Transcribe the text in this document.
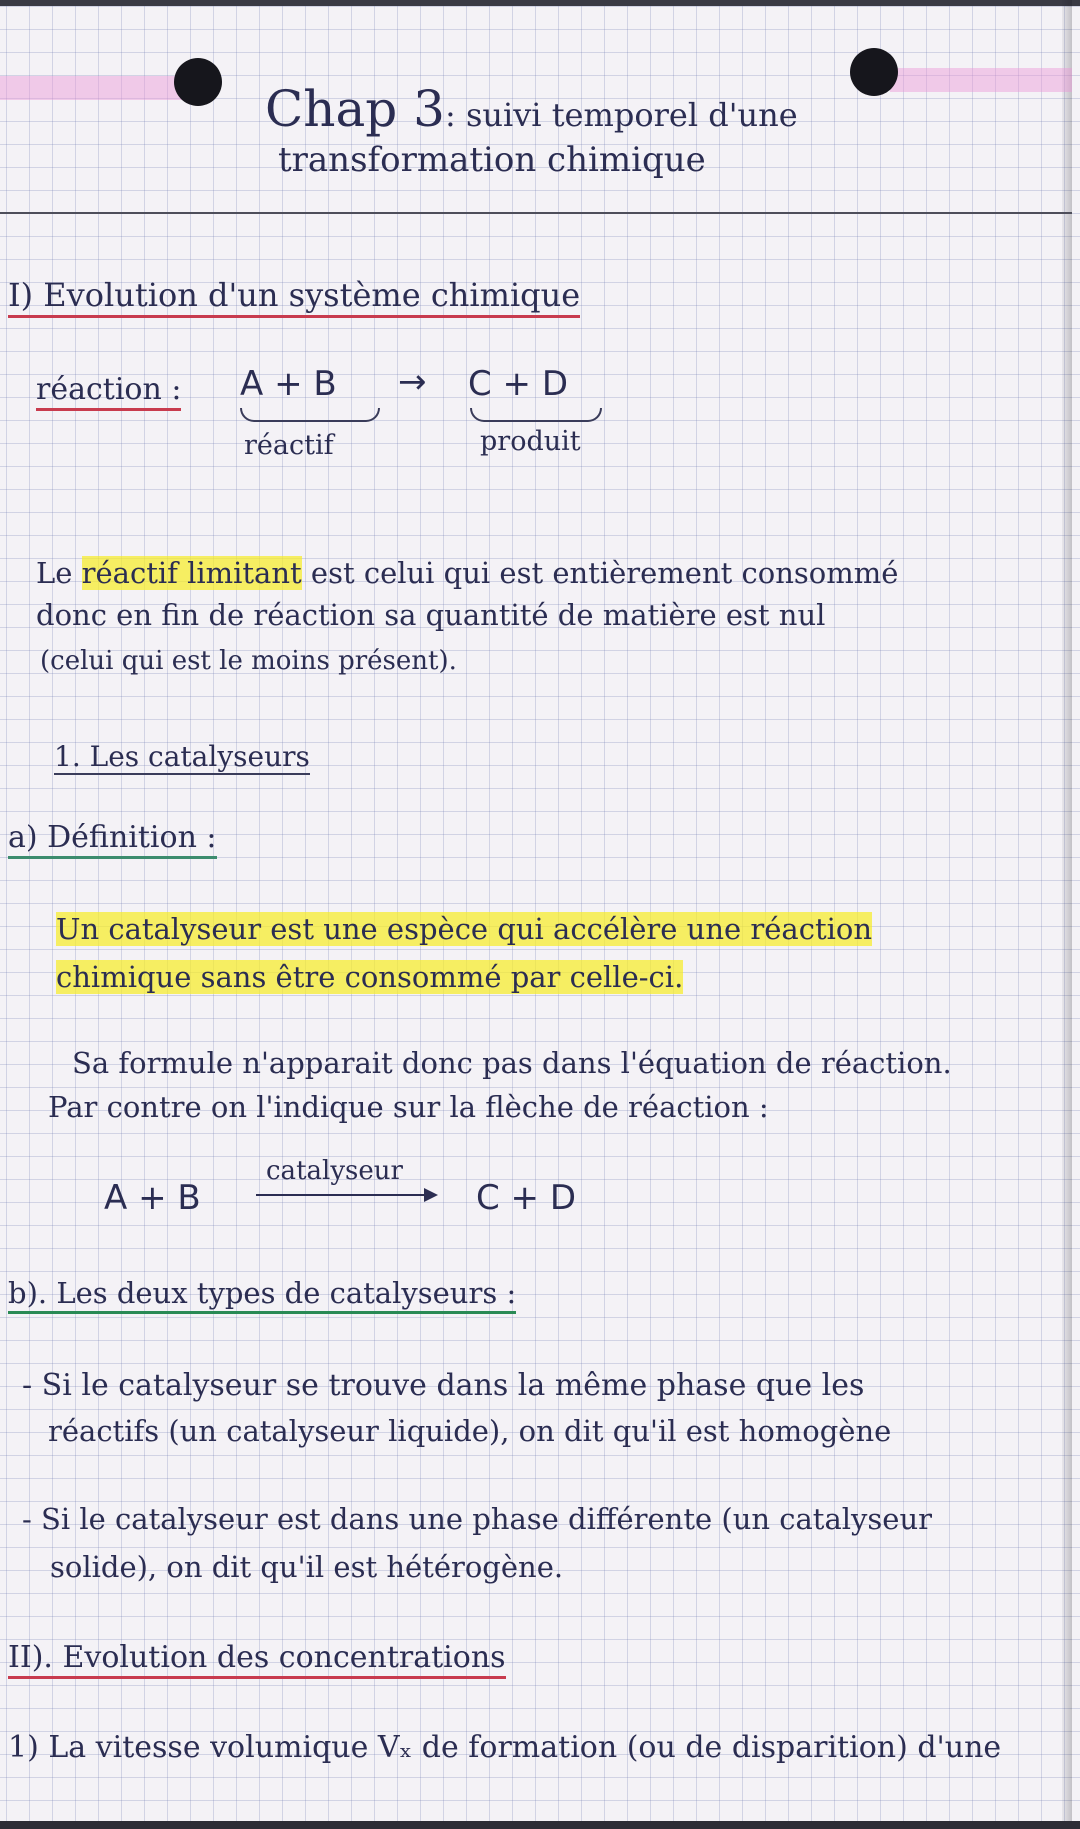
Chap 3: suivi temporel d'une
transformation chimique
I) Evolution d'un système chimique
réaction : A + B → C + D
réactif	produit
Le réactif limitant est celui qui est entièrement consommé
donc en fin de réaction sa quantité de matière est nul
(celui qui est le moins présent).
1. Les catalyseurs
a) Définition :
Un catalyseur est une espèce qui accélère une réaction
chimique sans être consommé par celle-ci.
Sa formule n'apparait donc pas dans l'équation de réaction.
Par contre on l'indique sur la flèche de réaction :
A + B
catalyseur
C + D
b). Les deux types de catalyseurs :
- Si le catalyseur se trouve dans la même phase que les
réactifs (un catalyseur liquide), on dit qu'il est homogène
- Si le catalyseur est dans une phase différente (un catalyseur
solide), on dit qu'il est hétérogène.
II). Evolution des concentrations
1) La vitesse volumique Vₓ de formation (ou de disparition) d'une
